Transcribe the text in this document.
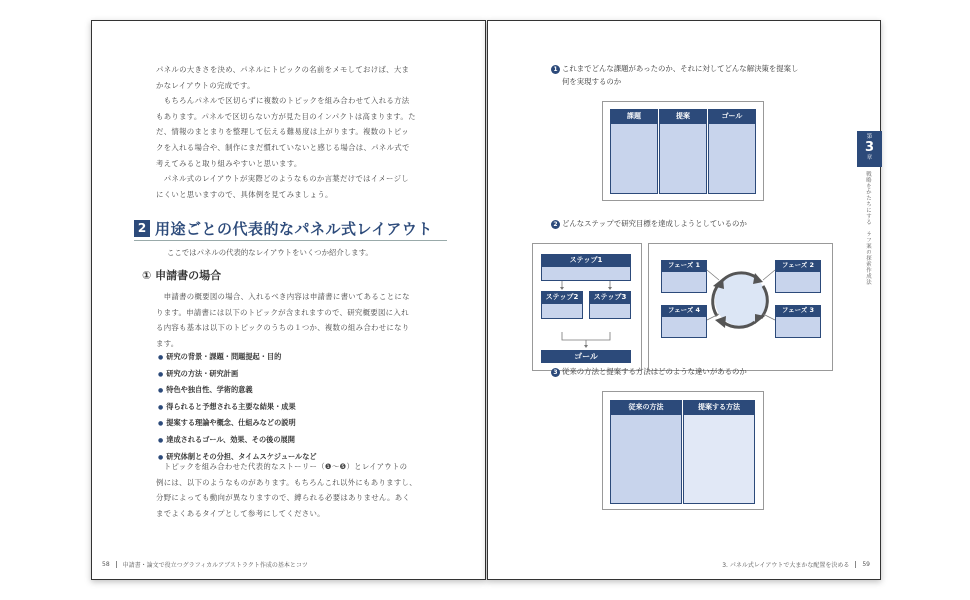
パネルの大きさを決め、パネルにトピックの名前をメモしておけば、大ま

かなレイアウトの完成です。

　もちろんパネルで区切らずに複数のトピックを組み合わせて入れる方法

もあります。パネルで区切らない方が見た目のインパクトは高まります。た

だ、情報のまとまりを整理して伝える難易度は上がります。複数のトピッ

クを入れる場合や、制作にまだ慣れていないと感じる場合は、パネル式で

考えてみると取り組みやすいと思います。

　パネル式のレイアウトが実際どのようなものか言葉だけではイメージし

にくいと思いますので、具体例を見てみましょう。

2 用途ごとの代表的なパネル式レイアウト
ここではパネルの代表的なレイアウトをいくつか紹介します。
① 申請書の場合

　申請書の概要図の場合、入れるべき内容は申請書に書いてあることにな

ります。申請書には以下のトピックが含まれますので、研究概要図に入れ

る内容も基本は以下のトピックのうちの１つか、複数の組み合わせになり

ます。

● 研究の背景・課題・問題提起・目的
● 研究の方法・研究計画
● 特色や独自性、学術的意義
● 得られると予想される主要な結果・成果
● 提案する理論や概念、仕組みなどの説明
● 達成されるゴール、効果、その後の展開
● 研究体制とその分担、タイムスケジュールなど

　トピックを組み合わせた代表的なストーリー（❶～❺）とレイアウトの

例には、以下のようなものがあります。もちろんこれ以外にもありますし、

分野によっても動向が異なりますので、縛られる必要はありません。あく

までよくあるタイプとして参考にしてください。

58	申請書・論文で役立つグラフィカルアブストラクト作成の基本とコツ
1 これまでどんな課題があったのか、それに対してどんな解決策を提案し
何を実現するのか
課題	提案	ゴール
2 どんなステップで研究目標を達成しようとしているのか
ステップ1
ステップ2	ステップ3
ゴール
フェーズ 1	フェーズ 2
フェーズ 4	フェーズ 3
3 従来の方法と提案する方法はどのような違いがあるのか
従来の方法	提案する方法
第
3
章
戦略をかたちにする　ラフ案の探索作成法
3. パネル式レイアウトで大まかな配置を決める	59
